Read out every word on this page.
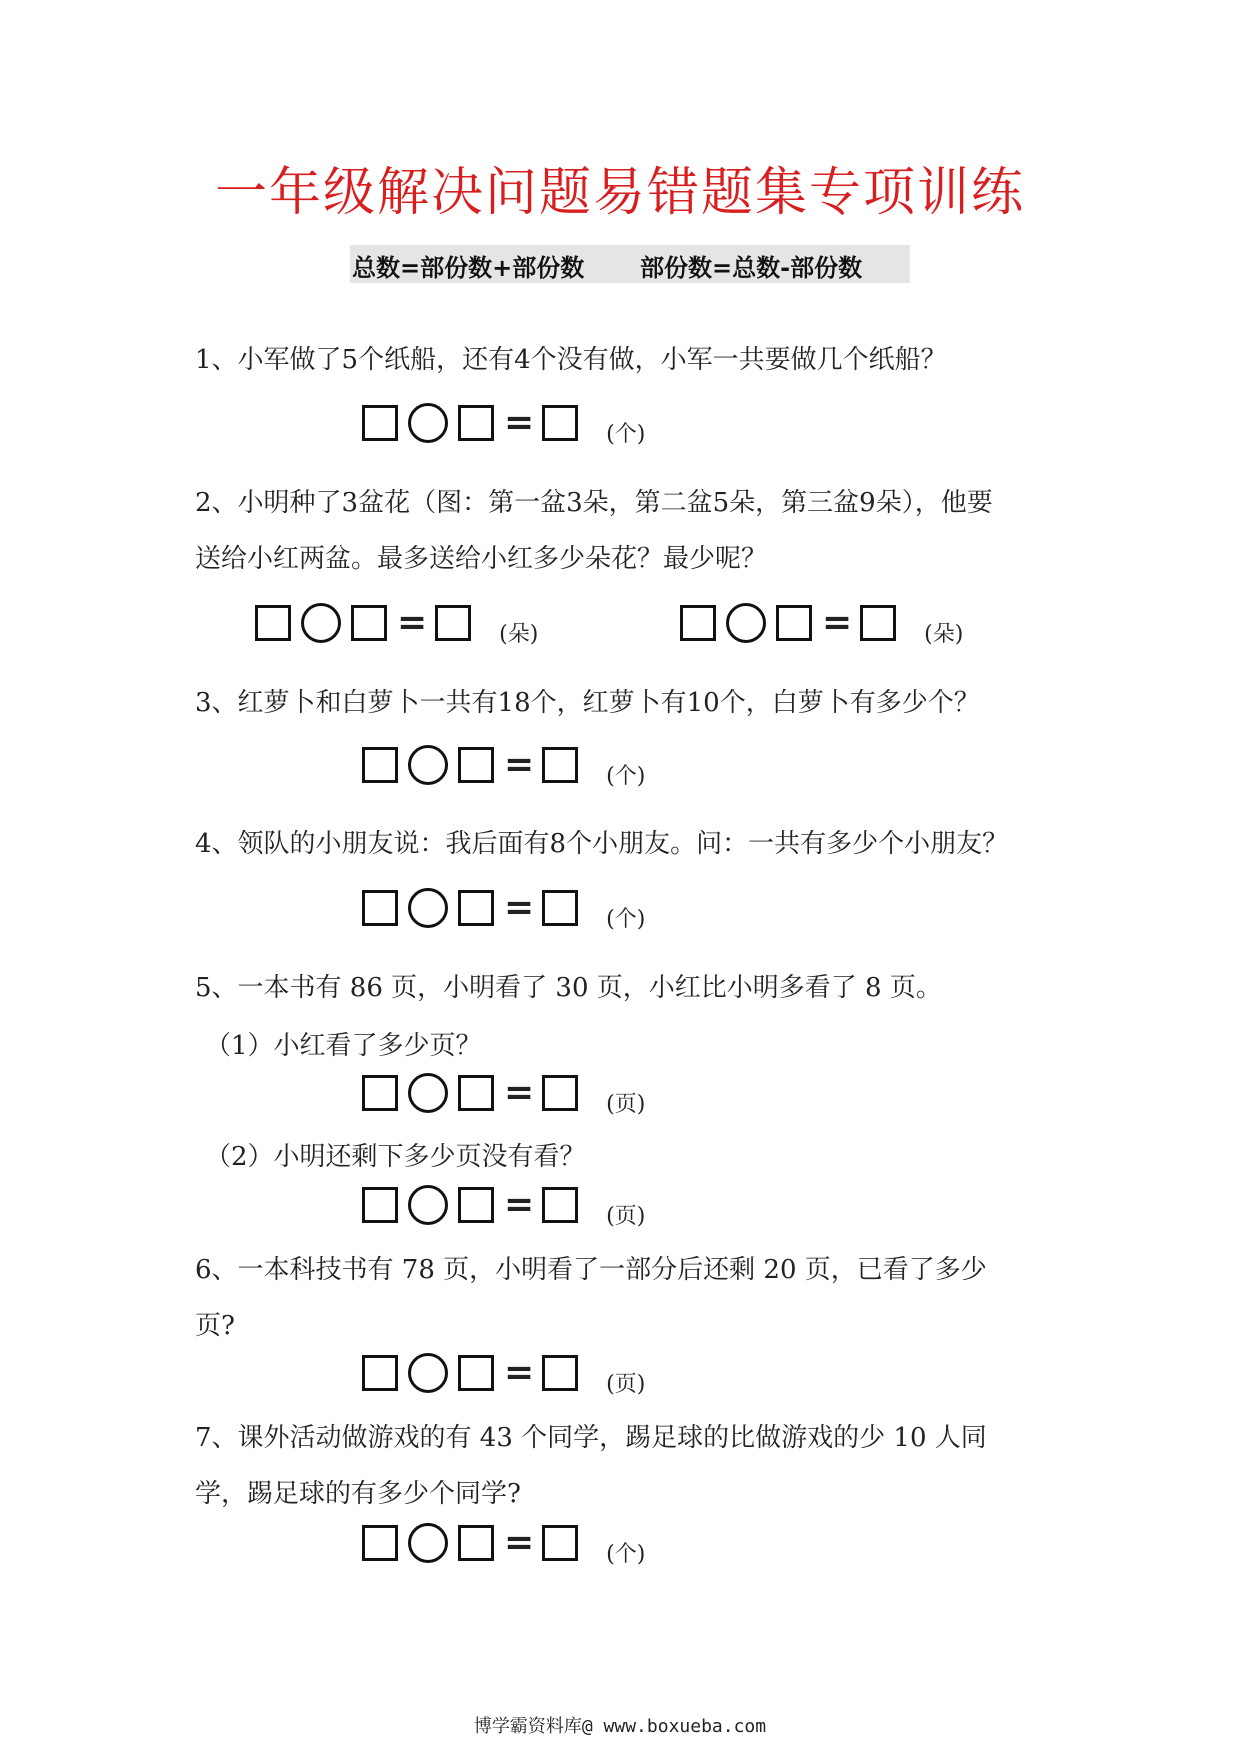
一年级解决问题易错题集专项训练
总数=部份数+部份数 部份数=总数-部份数
1、小军做了5个纸船，还有4个没有做，小军一共要做几个纸船？
=	(个)
2、小明种了3盆花（图：第一盆3朵，第二盆5朵，第三盆9朵），他要
送给小红两盆。最多送给小红多少朵花？最少呢？
=	(朵)	=	(朵)
3、红萝卜和白萝卜一共有18个，红萝卜有10个，白萝卜有多少个？
=	(个)
4、领队的小朋友说：我后面有8个小朋友。问：一共有多少个小朋友？
=	(个)
5、一本书有 86 页，小明看了 30 页，小红比小明多看了 8 页。
（1）小红看了多少页？
=	(页)
（2）小明还剩下多少页没有看？
=	(页)
6、一本科技书有 78 页，小明看了一部分后还剩 20 页，已看了多少
页?
=	(页)
7、课外活动做游戏的有 43 个同学，踢足球的比做游戏的少 10 人同
学，踢足球的有多少个同学?
=	(个)
博学霸资料库@ www.boxueba.com
